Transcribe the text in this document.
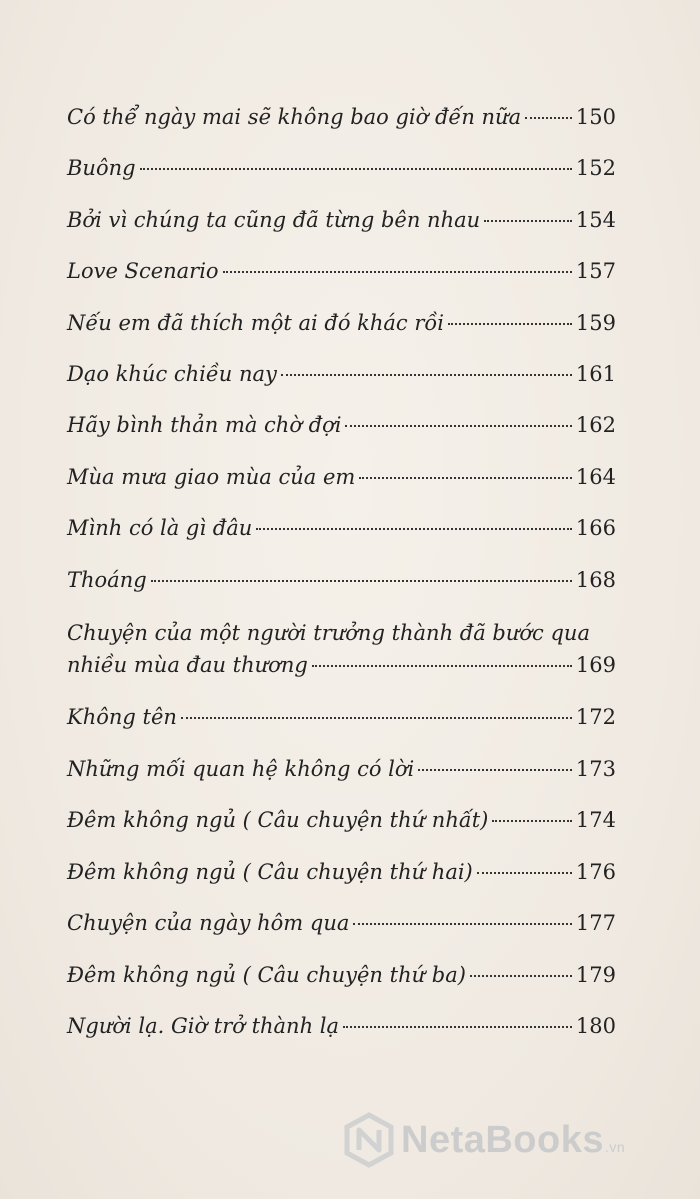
Có thể ngày mai sẽ không bao giờ đến nữa	150
Buông	152
Bởi vì chúng ta cũng đã từng bên nhau	154
Love Scenario	157
Nếu em đã thích một ai đó khác rồi	159
Dạo khúc chiều nay	161
Hãy bình thản mà chờ đợi	162
Mùa mưa giao mùa của em	164
Mình có là gì đâu	166
Thoáng	168
Chuyện của một người trưởng thành đã bước qua
nhiều mùa đau thương	169
Không tên	172
Những mối quan hệ không có lời	173
Đêm không ngủ ( Câu chuyện thứ nhất)	174
Đêm không ngủ ( Câu chuyện thứ hai)	176
Chuyện của ngày hôm qua	177
Đêm không ngủ ( Câu chuyện thứ ba)	179
Người lạ. Giờ trở thành lạ	180
NetaBooks.vn
